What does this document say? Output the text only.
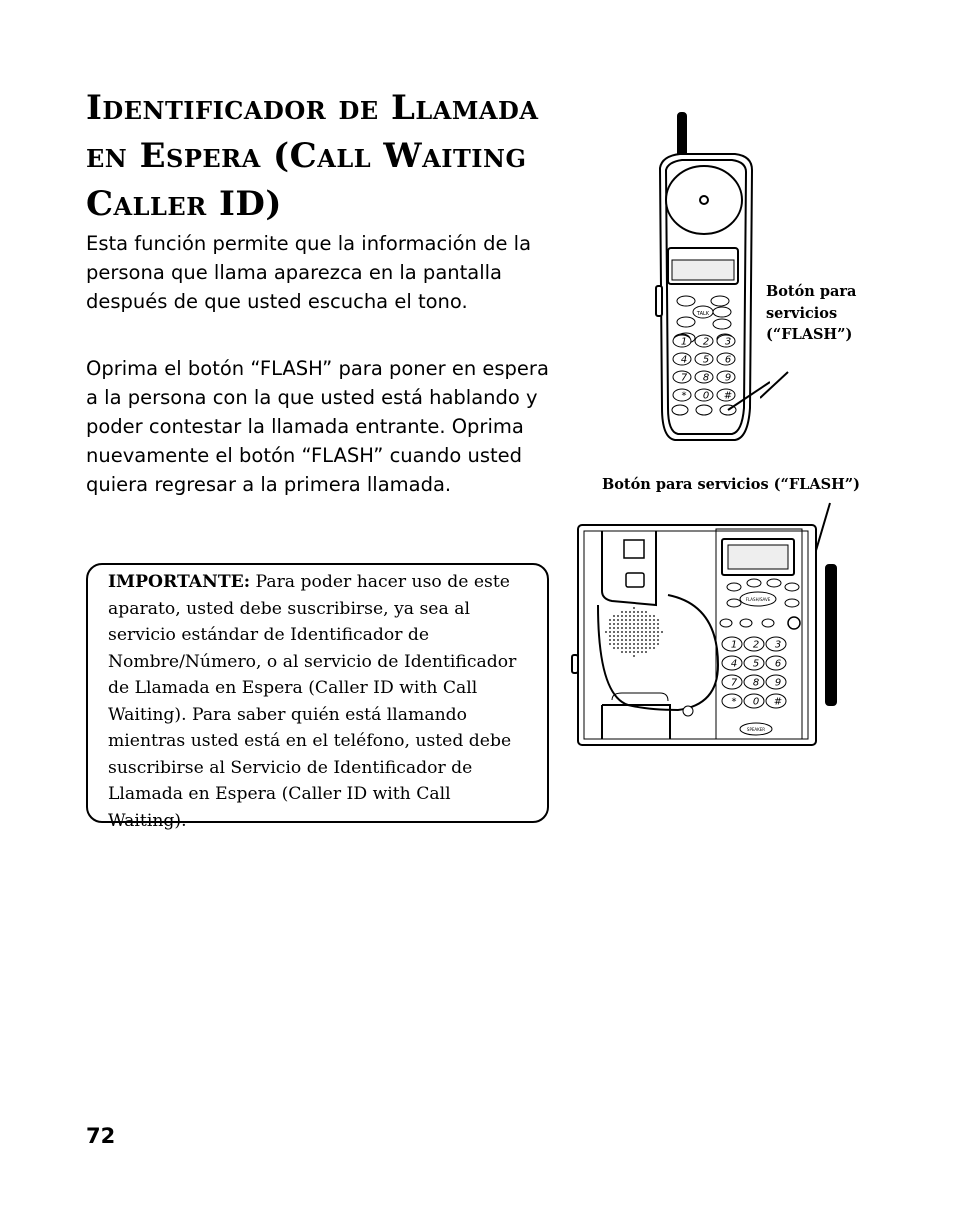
Identificador de Llamada en Espera (Call Waiting Caller ID)

Esta función permite que la información de la persona que llama aparezca en la pantalla después de que usted escucha el tono.

Oprima el botón “FLASH” para poner en espera a la persona con la que usted está hablando y poder contestar la llamada entrante. Oprima nuevamente el botón “FLASH” cuando usted quiera regresar a la primera llamada.

IMPORTANTE: Para poder hacer uso de este aparato, usted debe suscribirse, ya sea al servicio estándar de Identificador de Nombre/Número, o al servicio de Identificador de Llamada en Espera (Caller ID with Call Waiting). Para saber quién está llamando mientras usted está en el teléfono, usted debe suscribirse al Servicio de Identificador de Llamada en Espera (Caller ID with Call Waiting).
TALK
1 2 3
4 5 6
7 8 9
* 0 #
Botón para servicios (“FLASH”)
Botón para servicios (“FLASH”)
FLASH/SAVE
1 2 3
4 5 6
7 8 9
* 0 #
SPEAKER
72
